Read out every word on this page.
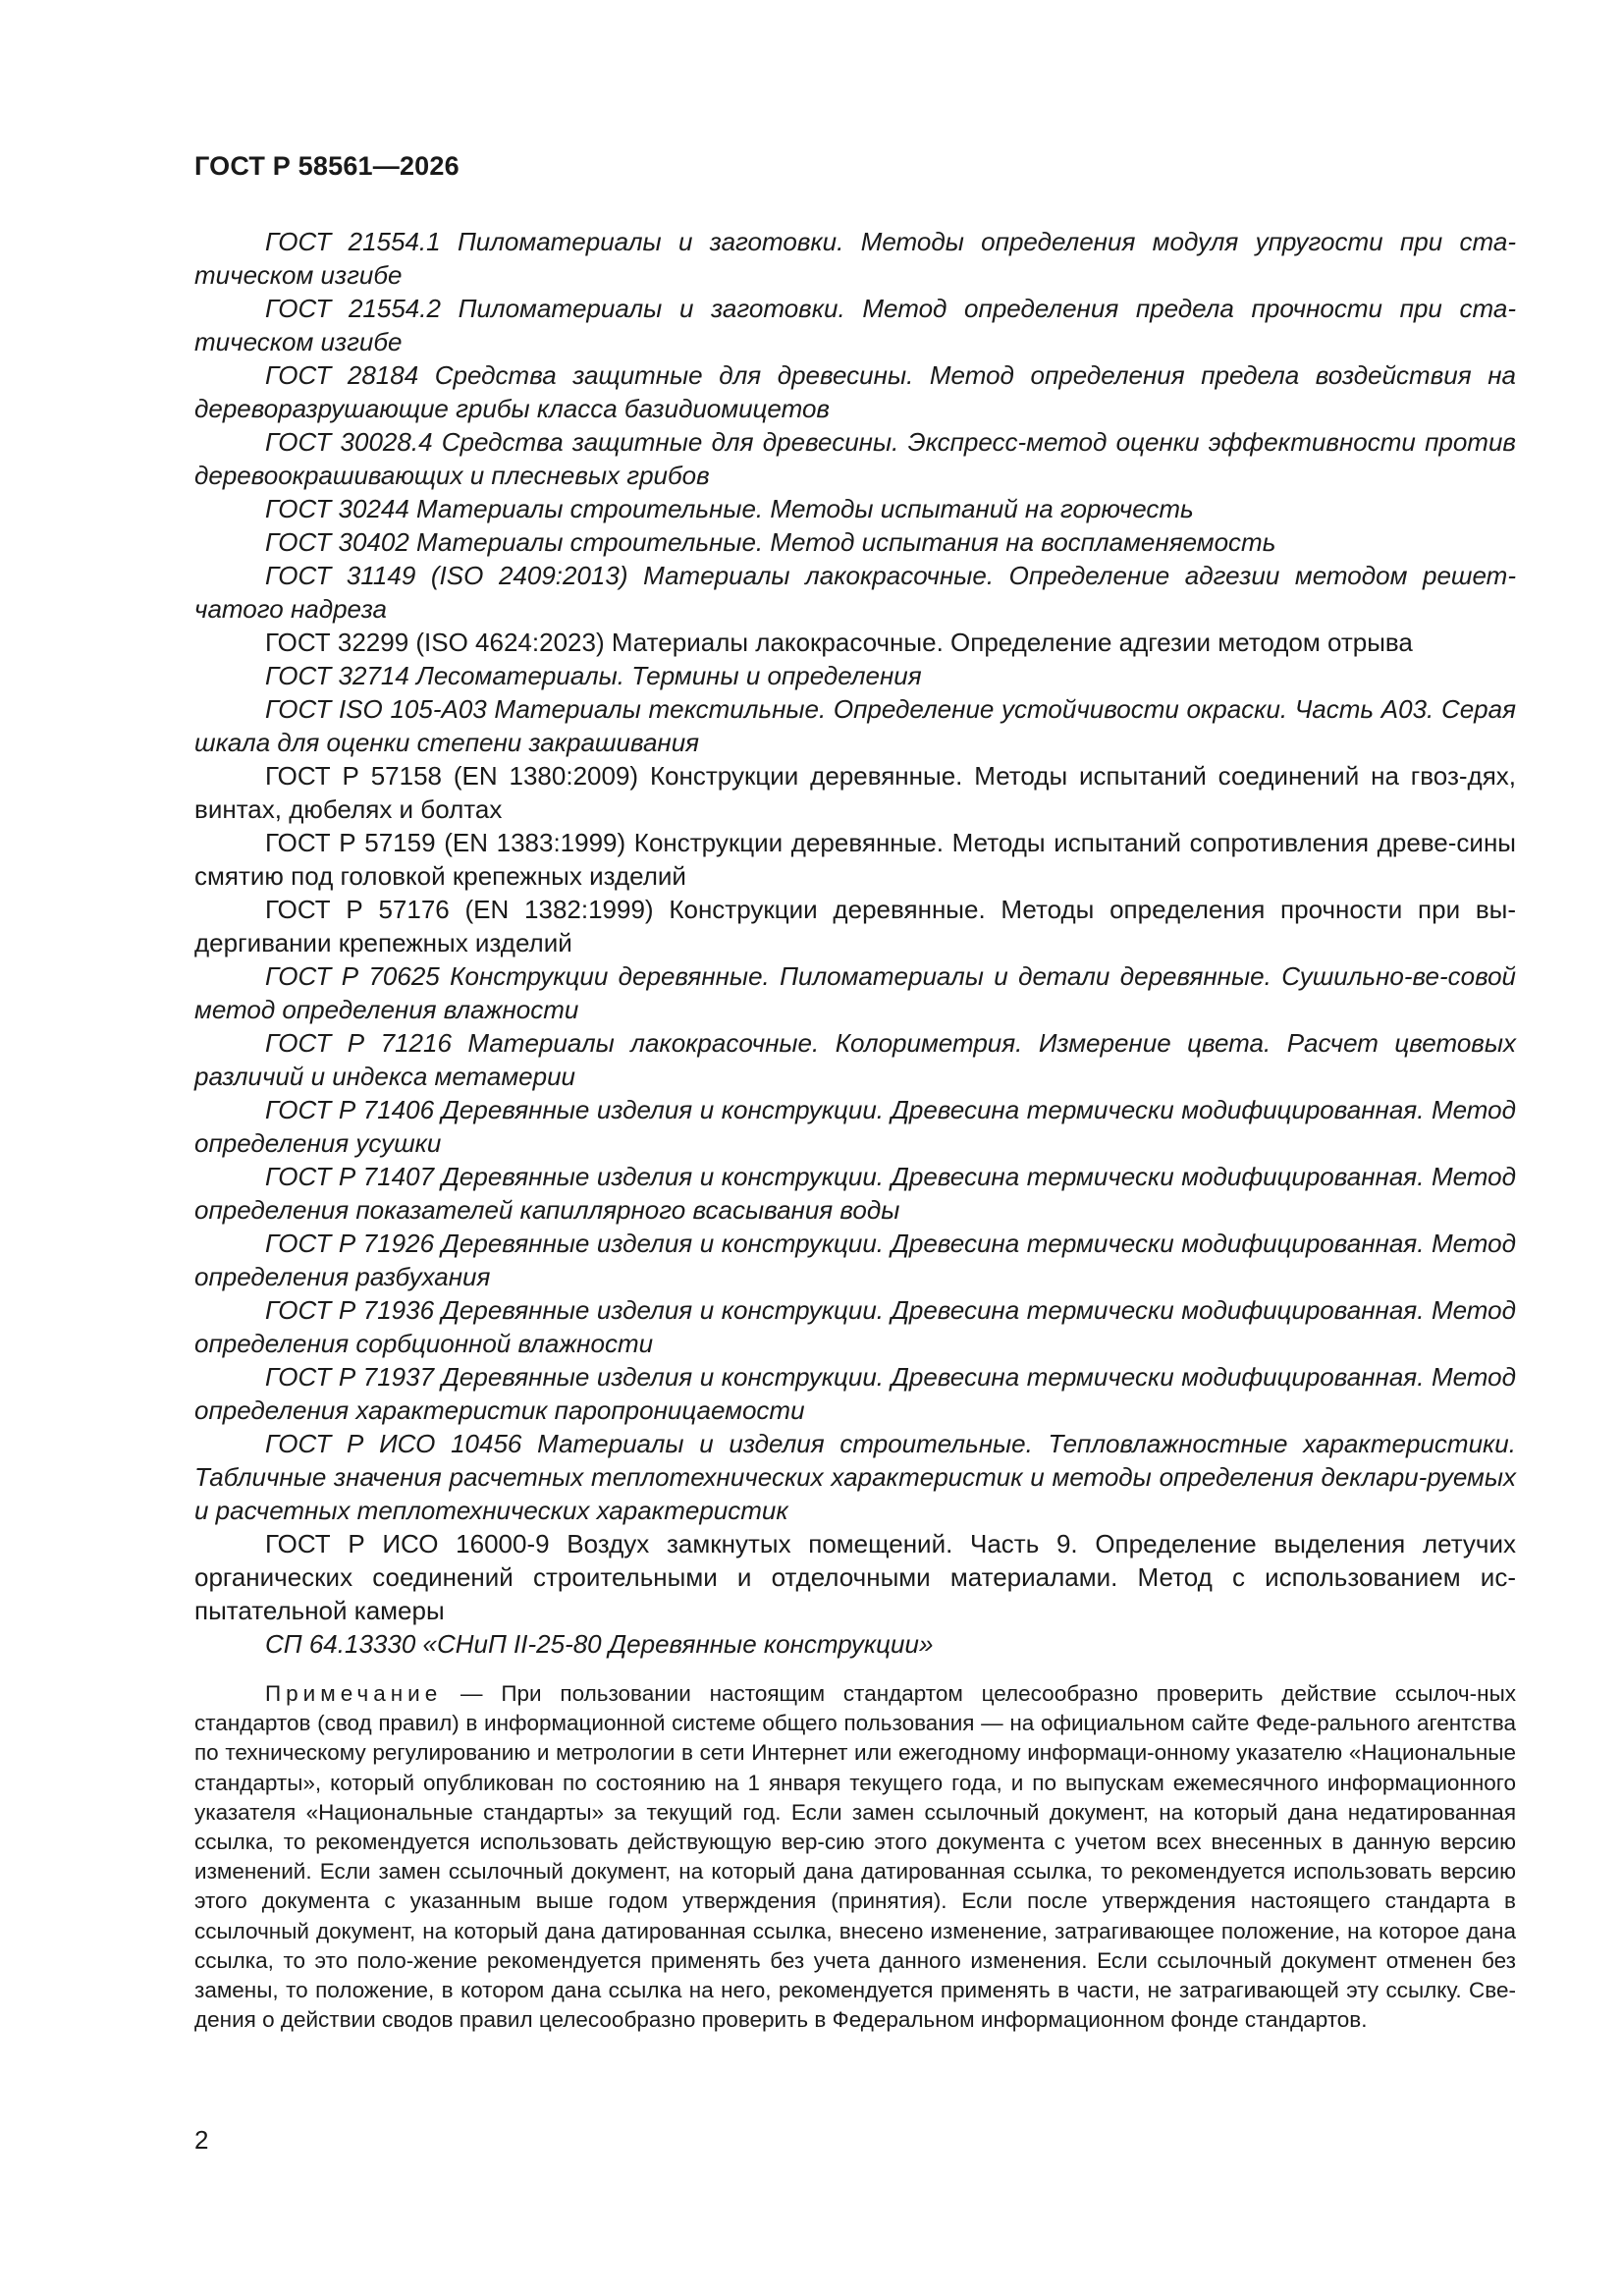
ГОСТ Р 58561—2026
ГОСТ 21554.1 Пиломатериалы и заготовки. Методы определения модуля упругости при ста-тическом изгибе
ГОСТ 21554.2 Пиломатериалы и заготовки. Метод определения предела прочности при ста-тическом изгибе
ГОСТ 28184 Средства защитные для древесины. Метод определения предела воздействия на дереворазрушающие грибы класса базидиомицетов
ГОСТ 30028.4 Средства защитные для древесины. Экспресс-метод оценки эффективности против деревоокрашивающих и плесневых грибов
ГОСТ 30244 Материалы строительные. Методы испытаний на горючесть
ГОСТ 30402 Материалы строительные. Метод испытания на воспламеняемость
ГОСТ 31149 (ISO 2409:2013) Материалы лакокрасочные. Определение адгезии методом решет-чатого надреза
ГОСТ 32299 (ISO 4624:2023) Материалы лакокрасочные. Определение адгезии методом отрыва
ГОСТ 32714 Лесоматериалы. Термины и определения
ГОСТ ISO 105-A03 Материалы текстильные. Определение устойчивости окраски. Часть А03. Серая шкала для оценки степени закрашивания
ГОСТ Р 57158 (EN 1380:2009) Конструкции деревянные. Методы испытаний соединений на гвоз-дях, винтах, дюбелях и болтах
ГОСТ Р 57159 (EN 1383:1999) Конструкции деревянные. Методы испытаний сопротивления древе-сины смятию под головкой крепежных изделий
ГОСТ Р 57176 (EN 1382:1999) Конструкции деревянные. Методы определения прочности при вы-дергивании крепежных изделий
ГОСТ Р 70625 Конструкции деревянные. Пиломатериалы и детали деревянные. Сушильно-ве-совой метод определения влажности
ГОСТ Р 71216 Материалы лакокрасочные. Колориметрия. Измерение цвета. Расчет цветовых различий и индекса метамерии
ГОСТ Р 71406 Деревянные изделия и конструкции. Древесина термически модифицированная. Метод определения усушки
ГОСТ Р 71407 Деревянные изделия и конструкции. Древесина термически модифицированная. Метод определения показателей капиллярного всасывания воды
ГОСТ Р 71926 Деревянные изделия и конструкции. Древесина термически модифицированная. Метод определения разбухания
ГОСТ Р 71936 Деревянные изделия и конструкции. Древесина термически модифицированная. Метод определения сорбционной влажности
ГОСТ Р 71937 Деревянные изделия и конструкции. Древесина термически модифицированная. Метод определения характеристик паропроницаемости
ГОСТ Р ИСО 10456 Материалы и изделия строительные. Тепловлажностные характеристики. Табличные значения расчетных теплотехнических характеристик и методы определения деклари-руемых и расчетных теплотехнических характеристик
ГОСТ Р ИСО 16000-9 Воздух замкнутых помещений. Часть 9. Определение выделения летучих органических соединений строительными и отделочными материалами. Метод с использованием ис-пытательной камеры
СП 64.13330 «СНиП II-25-80 Деревянные конструкции»
Примечание — При пользовании настоящим стандартом целесообразно проверить действие ссылоч-ных стандартов (свод правил) в информационной системе общего пользования — на официальном сайте Феде-рального агентства по техническому регулированию и метрологии в сети Интернет или ежегодному информаци-онному указателю «Национальные стандарты», который опубликован по состоянию на 1 января текущего года, и по выпускам ежемесячного информационного указателя «Национальные стандарты» за текущий год. Если замен ссылочный документ, на который дана недатированная ссылка, то рекомендуется использовать действующую вер-сию этого документа с учетом всех внесенных в данную версию изменений. Если замен ссылочный документ, на который дана датированная ссылка, то рекомендуется использовать версию этого документа с указанным выше годом утверждения (принятия). Если после утверждения настоящего стандарта в ссылочный документ, на который дана датированная ссылка, внесено изменение, затрагивающее положение, на которое дана ссылка, то это поло-жение рекомендуется применять без учета данного изменения. Если ссылочный документ отменен без замены, то положение, в котором дана ссылка на него, рекомендуется применять в части, не затрагивающей эту ссылку. Све-дения о действии сводов правил целесообразно проверить в Федеральном информационном фонде стандартов.
2
